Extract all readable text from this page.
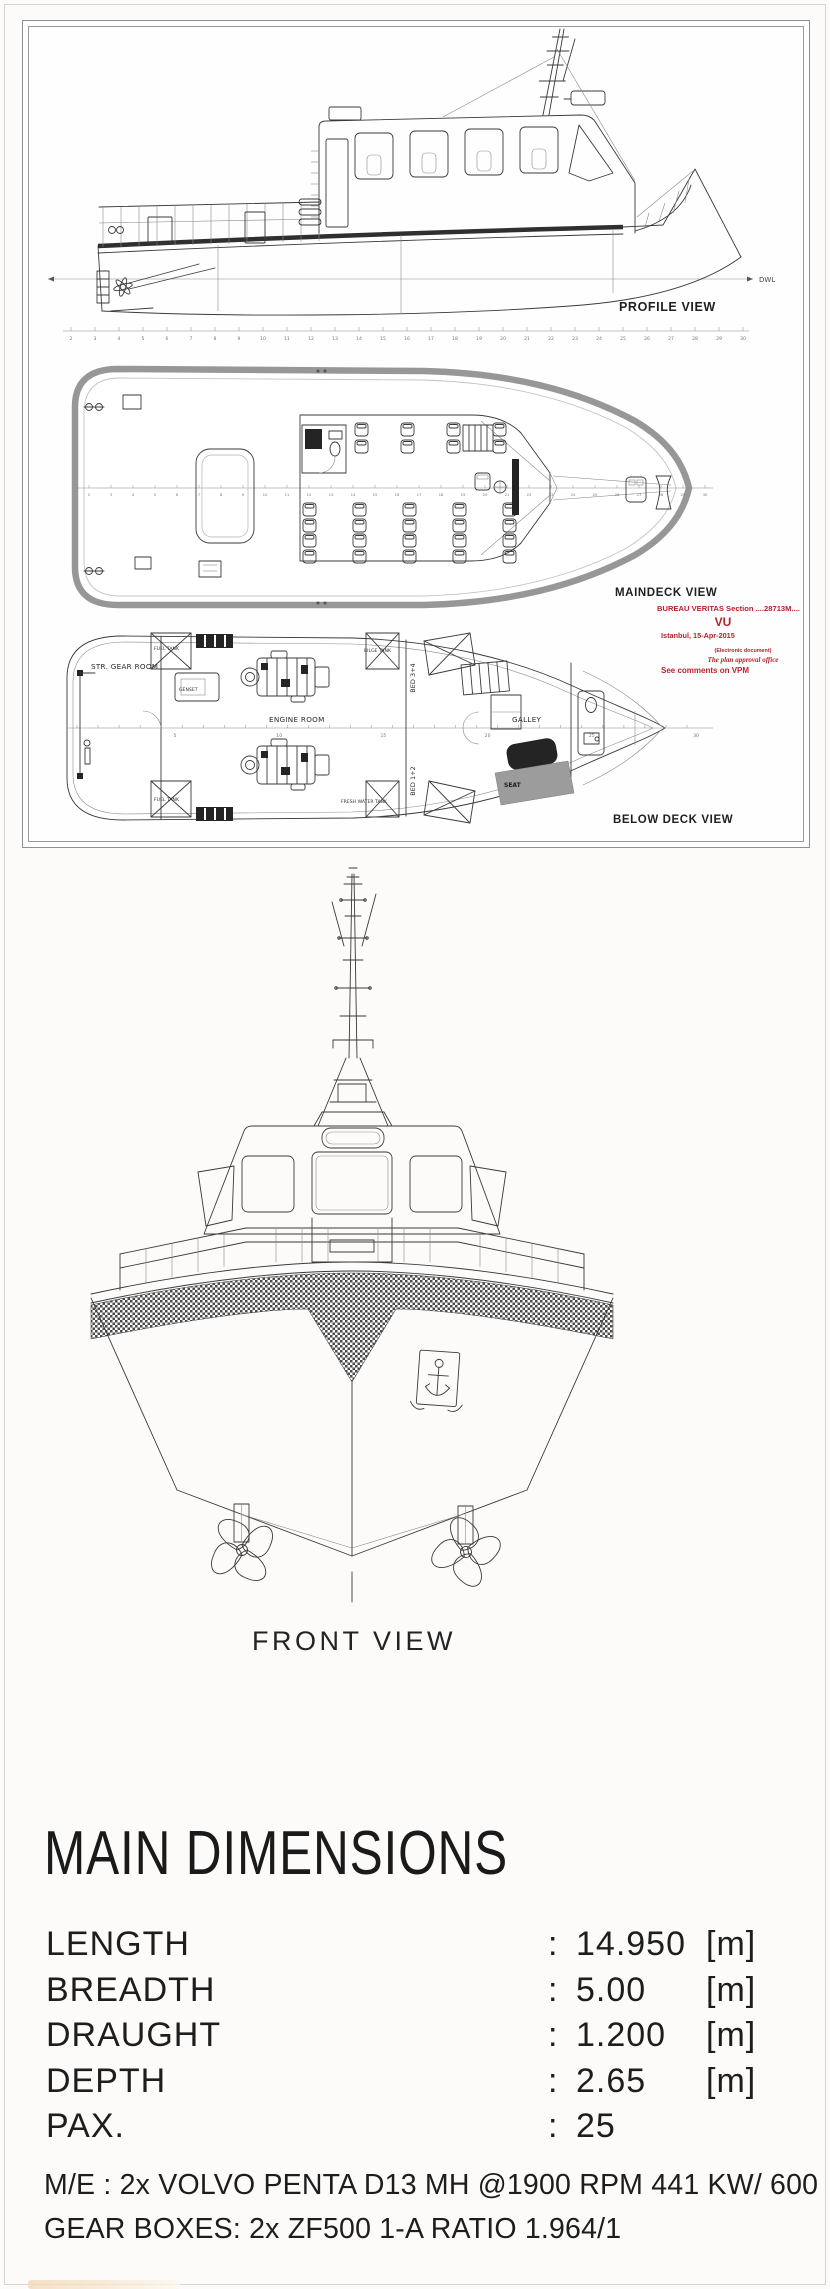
DWL
2	3	4	5	6	7	8	9	10	11	12	13	14	15	16	17	18	19	20	21	22	23	24	25	26	27	28	29	30
PROFILE VIEW
2	3	4	5	6	7	8	9	10	11	12	13	14	15	16	17	18	19	20	21	22	23	24	25	26	27	28	29	30
MAINDECK VIEW
BUREAU VERITAS Section ....28713M....
VU
Istanbul, 15-Apr-2015
(Electronic document)
The plan approval office
See comments on VPM
5	10	15	20	25	30
STR. GEAR ROOM
FUEL TANK
FUEL TANK
BILGE TANK
FRESH WATER TANK
GENSET
ENGINE ROOM
BED 3+4
BED 1+2
GALLEY
SEAT
BELOW DECK VIEW
FRONT VIEW
MAIN DIMENSIONS
LENGTH	: 14.950 [m]
BREADTH	: 5.00 [m]
DRAUGHT	: 1.200 [m]
DEPTH	: 2.65 [m]
PAX.	: 25
M/E : 2x VOLVO PENTA D13 MH @1900 RPM 441 KW/ 600
GEAR BOXES: 2x ZF500 1-A RATIO 1.964/1
